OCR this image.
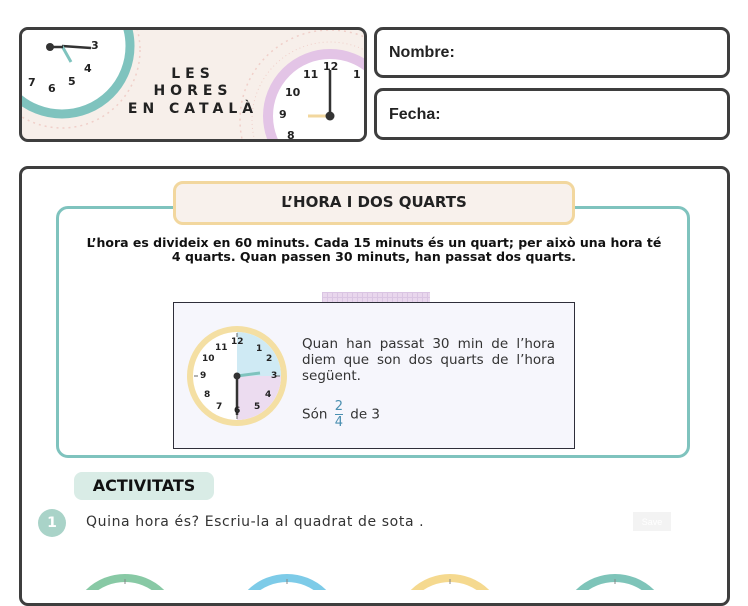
3
4
5
6
7
11
12
1
10
9
8
LES
HORES
EN CATALÀ
Nombre:
Fecha:
L’HORA I DOS QUARTS
L’hora es divideix en 60 minuts. Cada 15 minuts és un quart; per això una hora té 4 quarts. Quan passen 30 minuts, han passat dos quarts.
12
1
2
3
4
5
6
7
8
9
10
11	Quan han passat 30 min de l’hora diem que son dos quarts de l’hora següent.
Són $\frac{2}{4}$ de 3
ACTIVITATS
1	Quina hora és? Escriu-la al quadrat de sota .	Save
